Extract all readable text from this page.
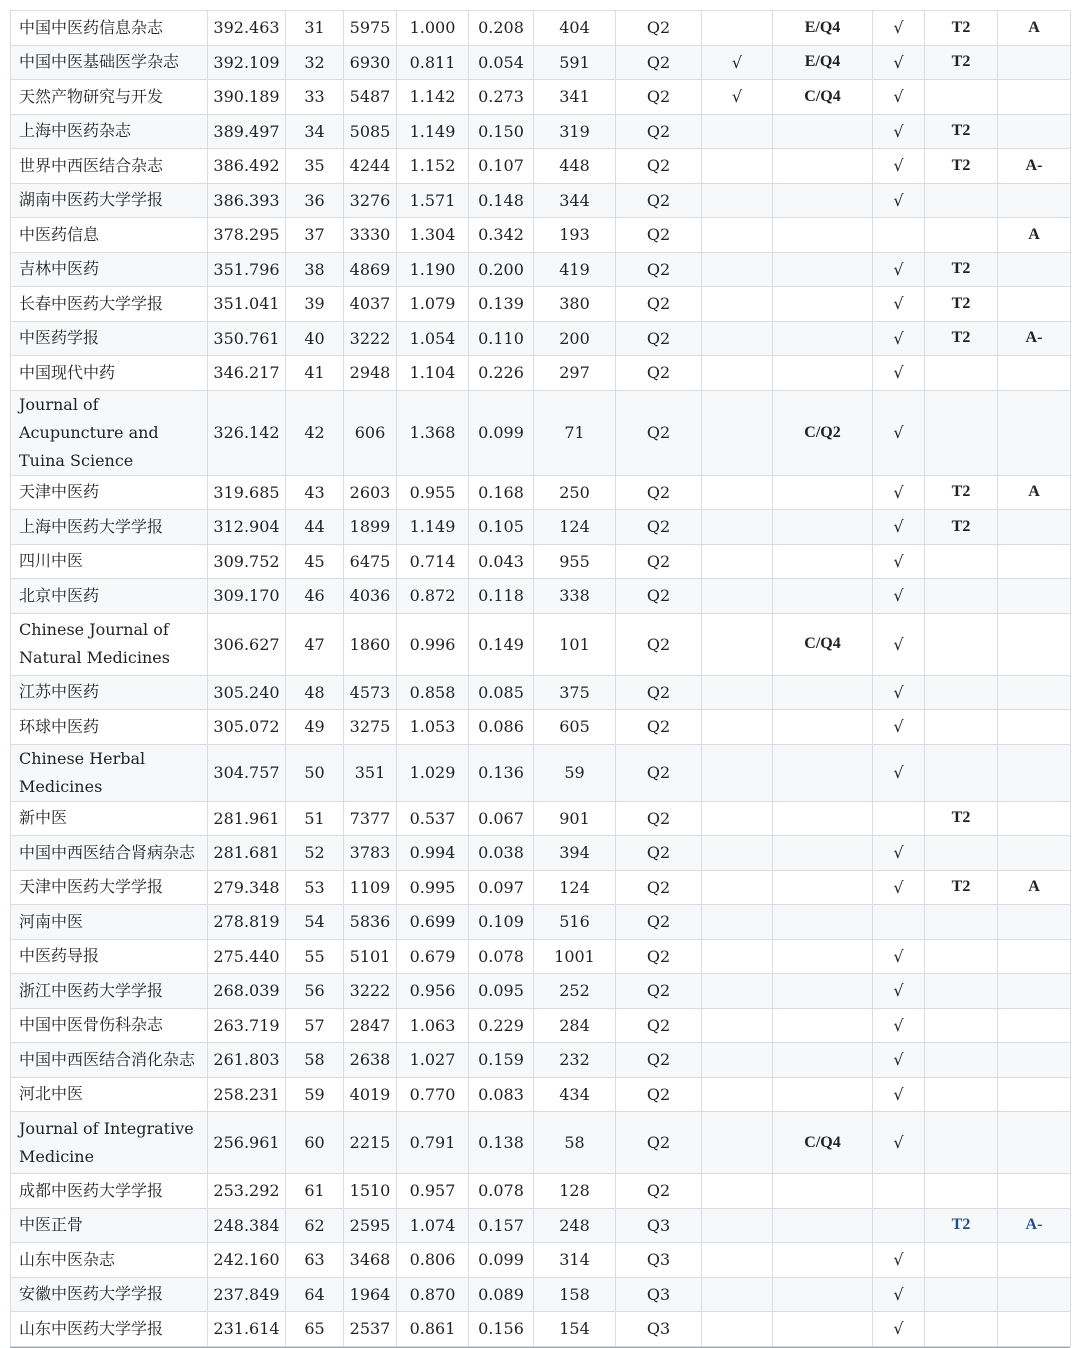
中国中医药信息杂志	392.463	31	5975	1.000	0.208	404	Q2		E/Q4	√	T2	A
中国中医基础医学杂志	392.109	32	6930	0.811	0.054	591	Q2	√	E/Q4	√	T2	
天然产物研究与开发	390.189	33	5487	1.142	0.273	341	Q2	√	C/Q4	√		
上海中医药杂志	389.497	34	5085	1.149	0.150	319	Q2			√	T2	
世界中西医结合杂志	386.492	35	4244	1.152	0.107	448	Q2			√	T2	A-
湖南中医药大学学报	386.393	36	3276	1.571	0.148	344	Q2			√		
中医药信息	378.295	37	3330	1.304	0.342	193	Q2					A
吉林中医药	351.796	38	4869	1.190	0.200	419	Q2			√	T2	
长春中医药大学学报	351.041	39	4037	1.079	0.139	380	Q2			√	T2	
中医药学报	350.761	40	3222	1.054	0.110	200	Q2			√	T2	A-
中国现代中药	346.217	41	2948	1.104	0.226	297	Q2			√		
Journal of Acupuncture and Tuina Science	326.142	42	606	1.368	0.099	71	Q2		C/Q2	√		
天津中医药	319.685	43	2603	0.955	0.168	250	Q2			√	T2	A
上海中医药大学学报	312.904	44	1899	1.149	0.105	124	Q2			√	T2	
四川中医	309.752	45	6475	0.714	0.043	955	Q2			√		
北京中医药	309.170	46	4036	0.872	0.118	338	Q2			√		
Chinese Journal of Natural Medicines	306.627	47	1860	0.996	0.149	101	Q2		C/Q4	√		
江苏中医药	305.240	48	4573	0.858	0.085	375	Q2			√		
环球中医药	305.072	49	3275	1.053	0.086	605	Q2			√		
Chinese Herbal Medicines	304.757	50	351	1.029	0.136	59	Q2			√		
新中医	281.961	51	7377	0.537	0.067	901	Q2				T2	
中国中西医结合肾病杂志	281.681	52	3783	0.994	0.038	394	Q2			√		
天津中医药大学学报	279.348	53	1109	0.995	0.097	124	Q2			√	T2	A
河南中医	278.819	54	5836	0.699	0.109	516	Q2					
中医药导报	275.440	55	5101	0.679	0.078	1001	Q2			√		
浙江中医药大学学报	268.039	56	3222	0.956	0.095	252	Q2			√		
中国中医骨伤科杂志	263.719	57	2847	1.063	0.229	284	Q2			√		
中国中西医结合消化杂志	261.803	58	2638	1.027	0.159	232	Q2			√		
河北中医	258.231	59	4019	0.770	0.083	434	Q2			√		
Journal of Integrative Medicine	256.961	60	2215	0.791	0.138	58	Q2		C/Q4	√		
成都中医药大学学报	253.292	61	1510	0.957	0.078	128	Q2					
中医正骨	248.384	62	2595	1.074	0.157	248	Q3				T2	A-
山东中医杂志	242.160	63	3468	0.806	0.099	314	Q3			√		
安徽中医药大学学报	237.849	64	1964	0.870	0.089	158	Q3			√		
山东中医药大学学报	231.614	65	2537	0.861	0.156	154	Q3			√		
